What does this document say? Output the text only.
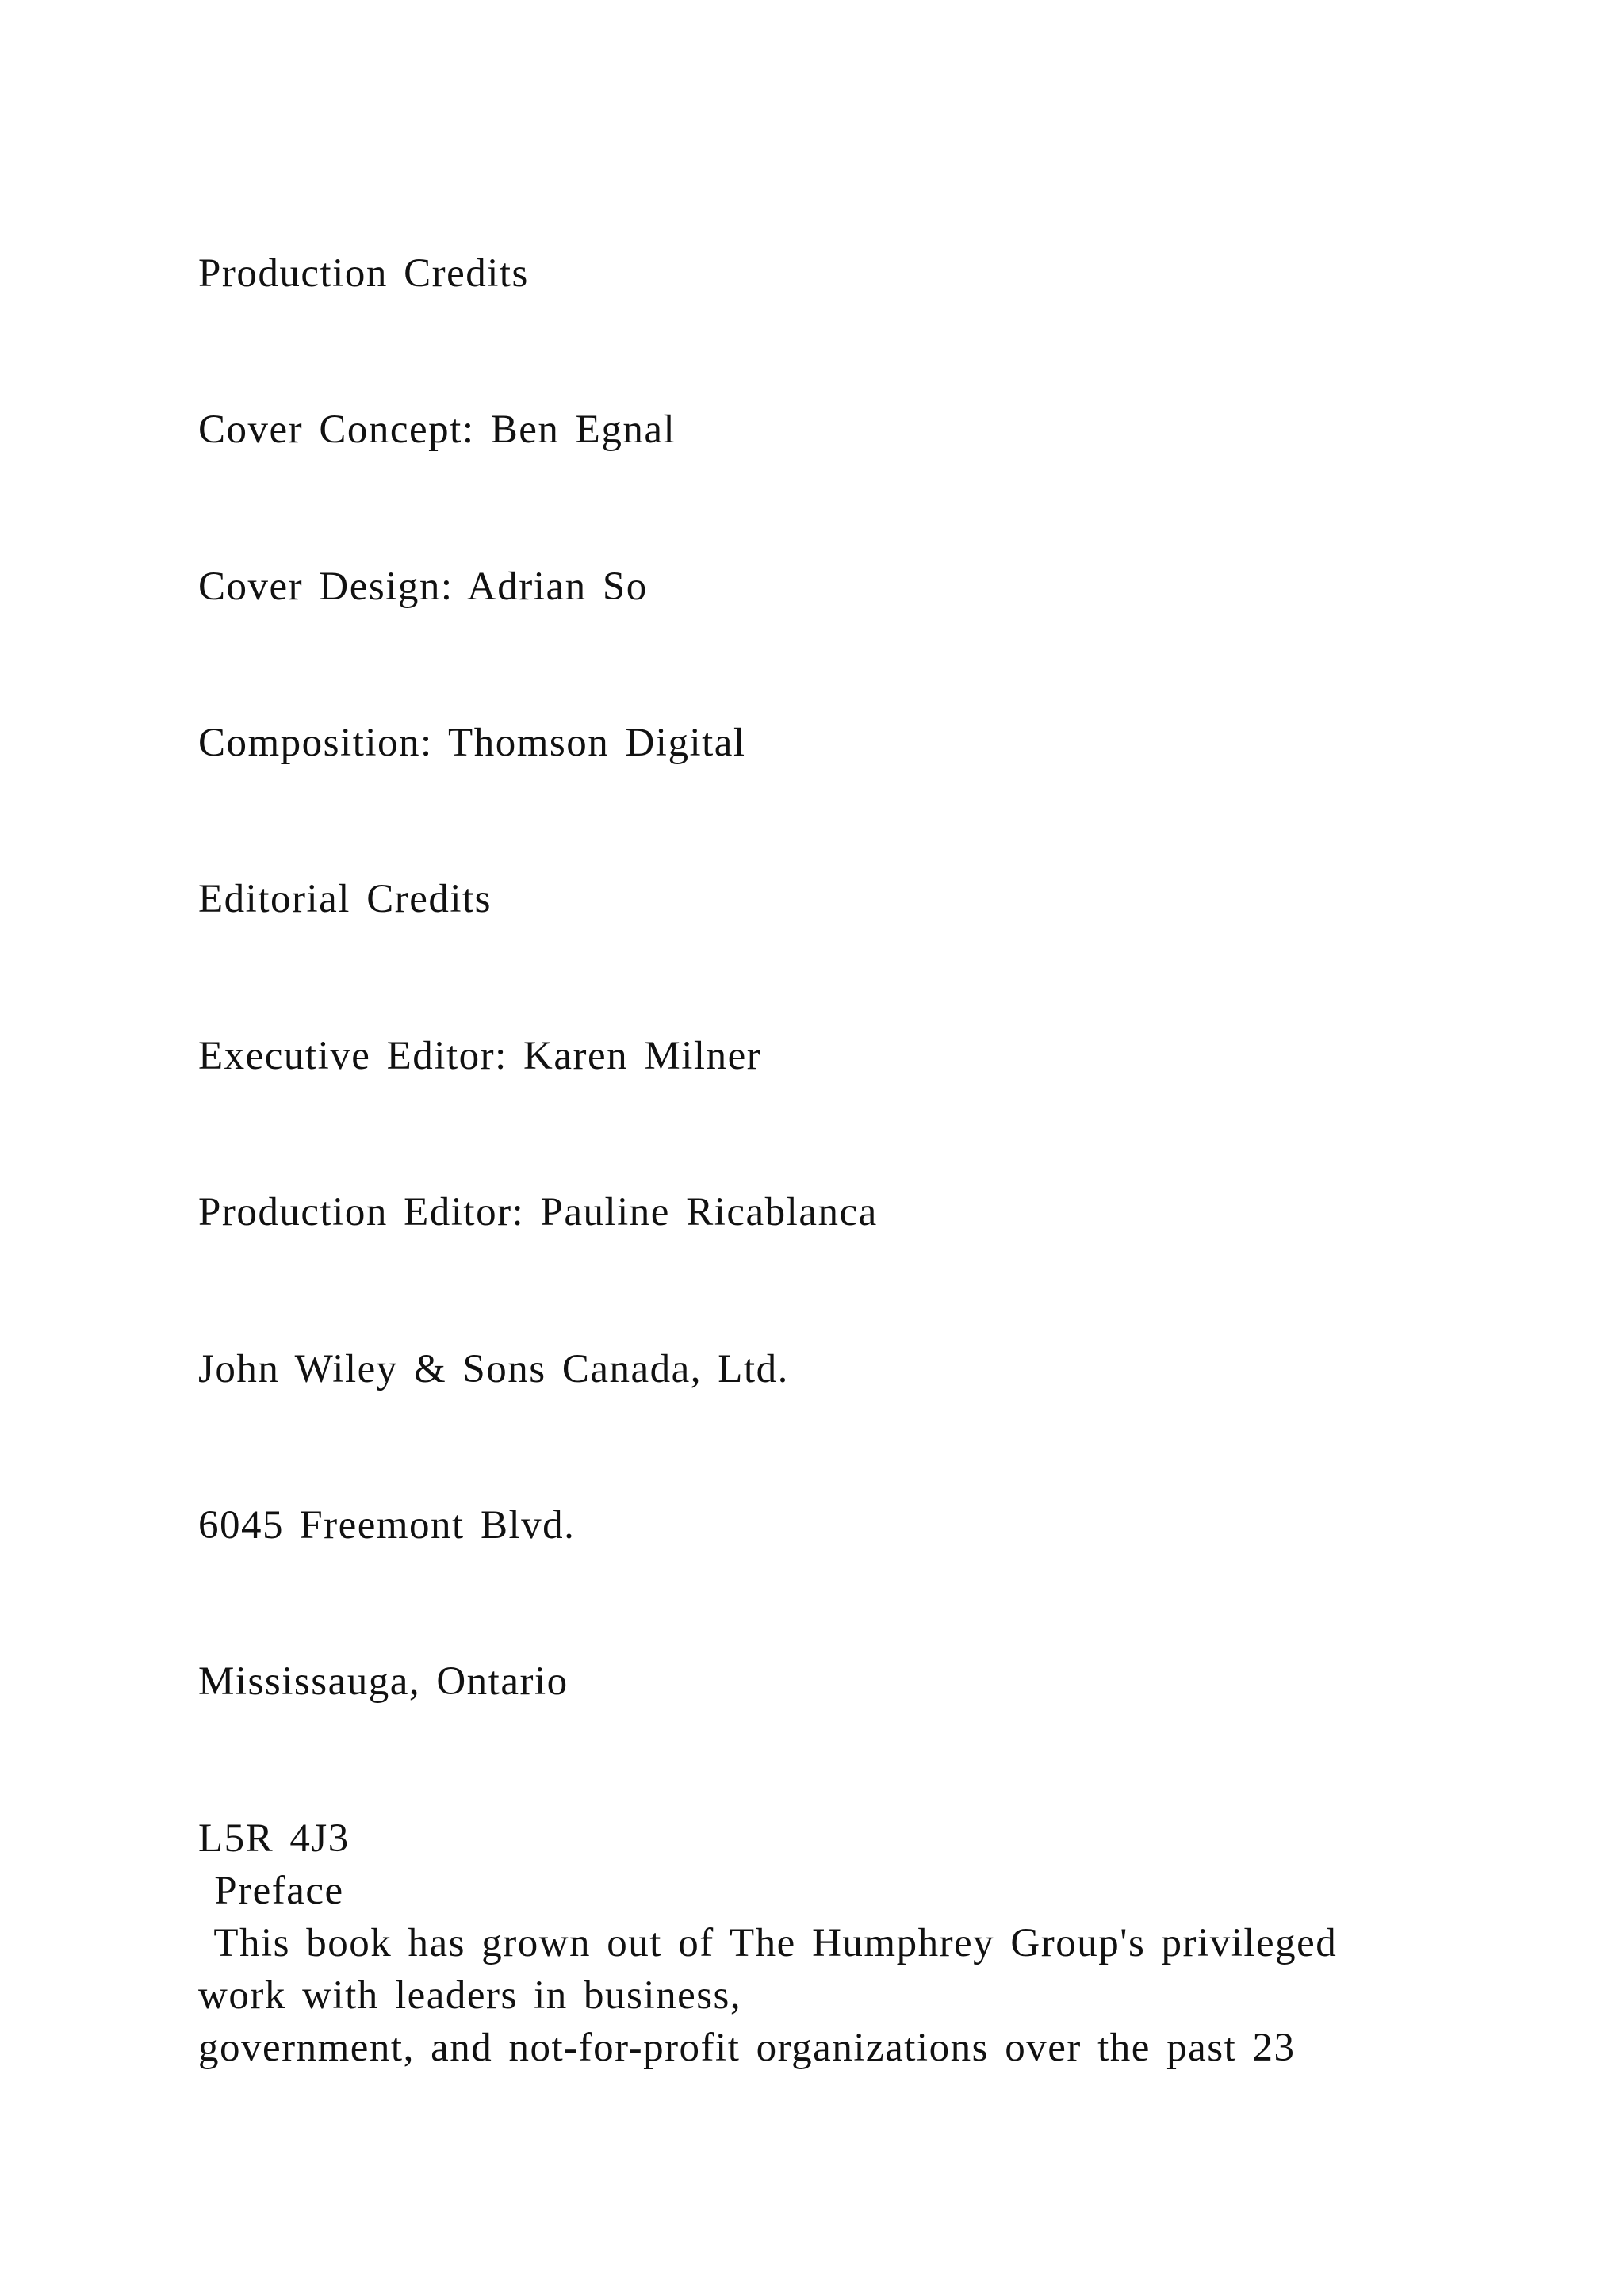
Production Credits
Cover Concept: Ben Egnal
Cover Design: Adrian So
Composition: Thomson Digital
Editorial Credits
Executive Editor: Karen Milner
Production Editor: Pauline Ricablanca
John Wiley & Sons Canada, Ltd.
6045 Freemont Blvd.
Mississauga, Ontario
L5R 4J3
Preface
This book has grown out of The Humphrey Group's privileged
work with leaders in business,
government, and not-for-profit organizations over the past 23
